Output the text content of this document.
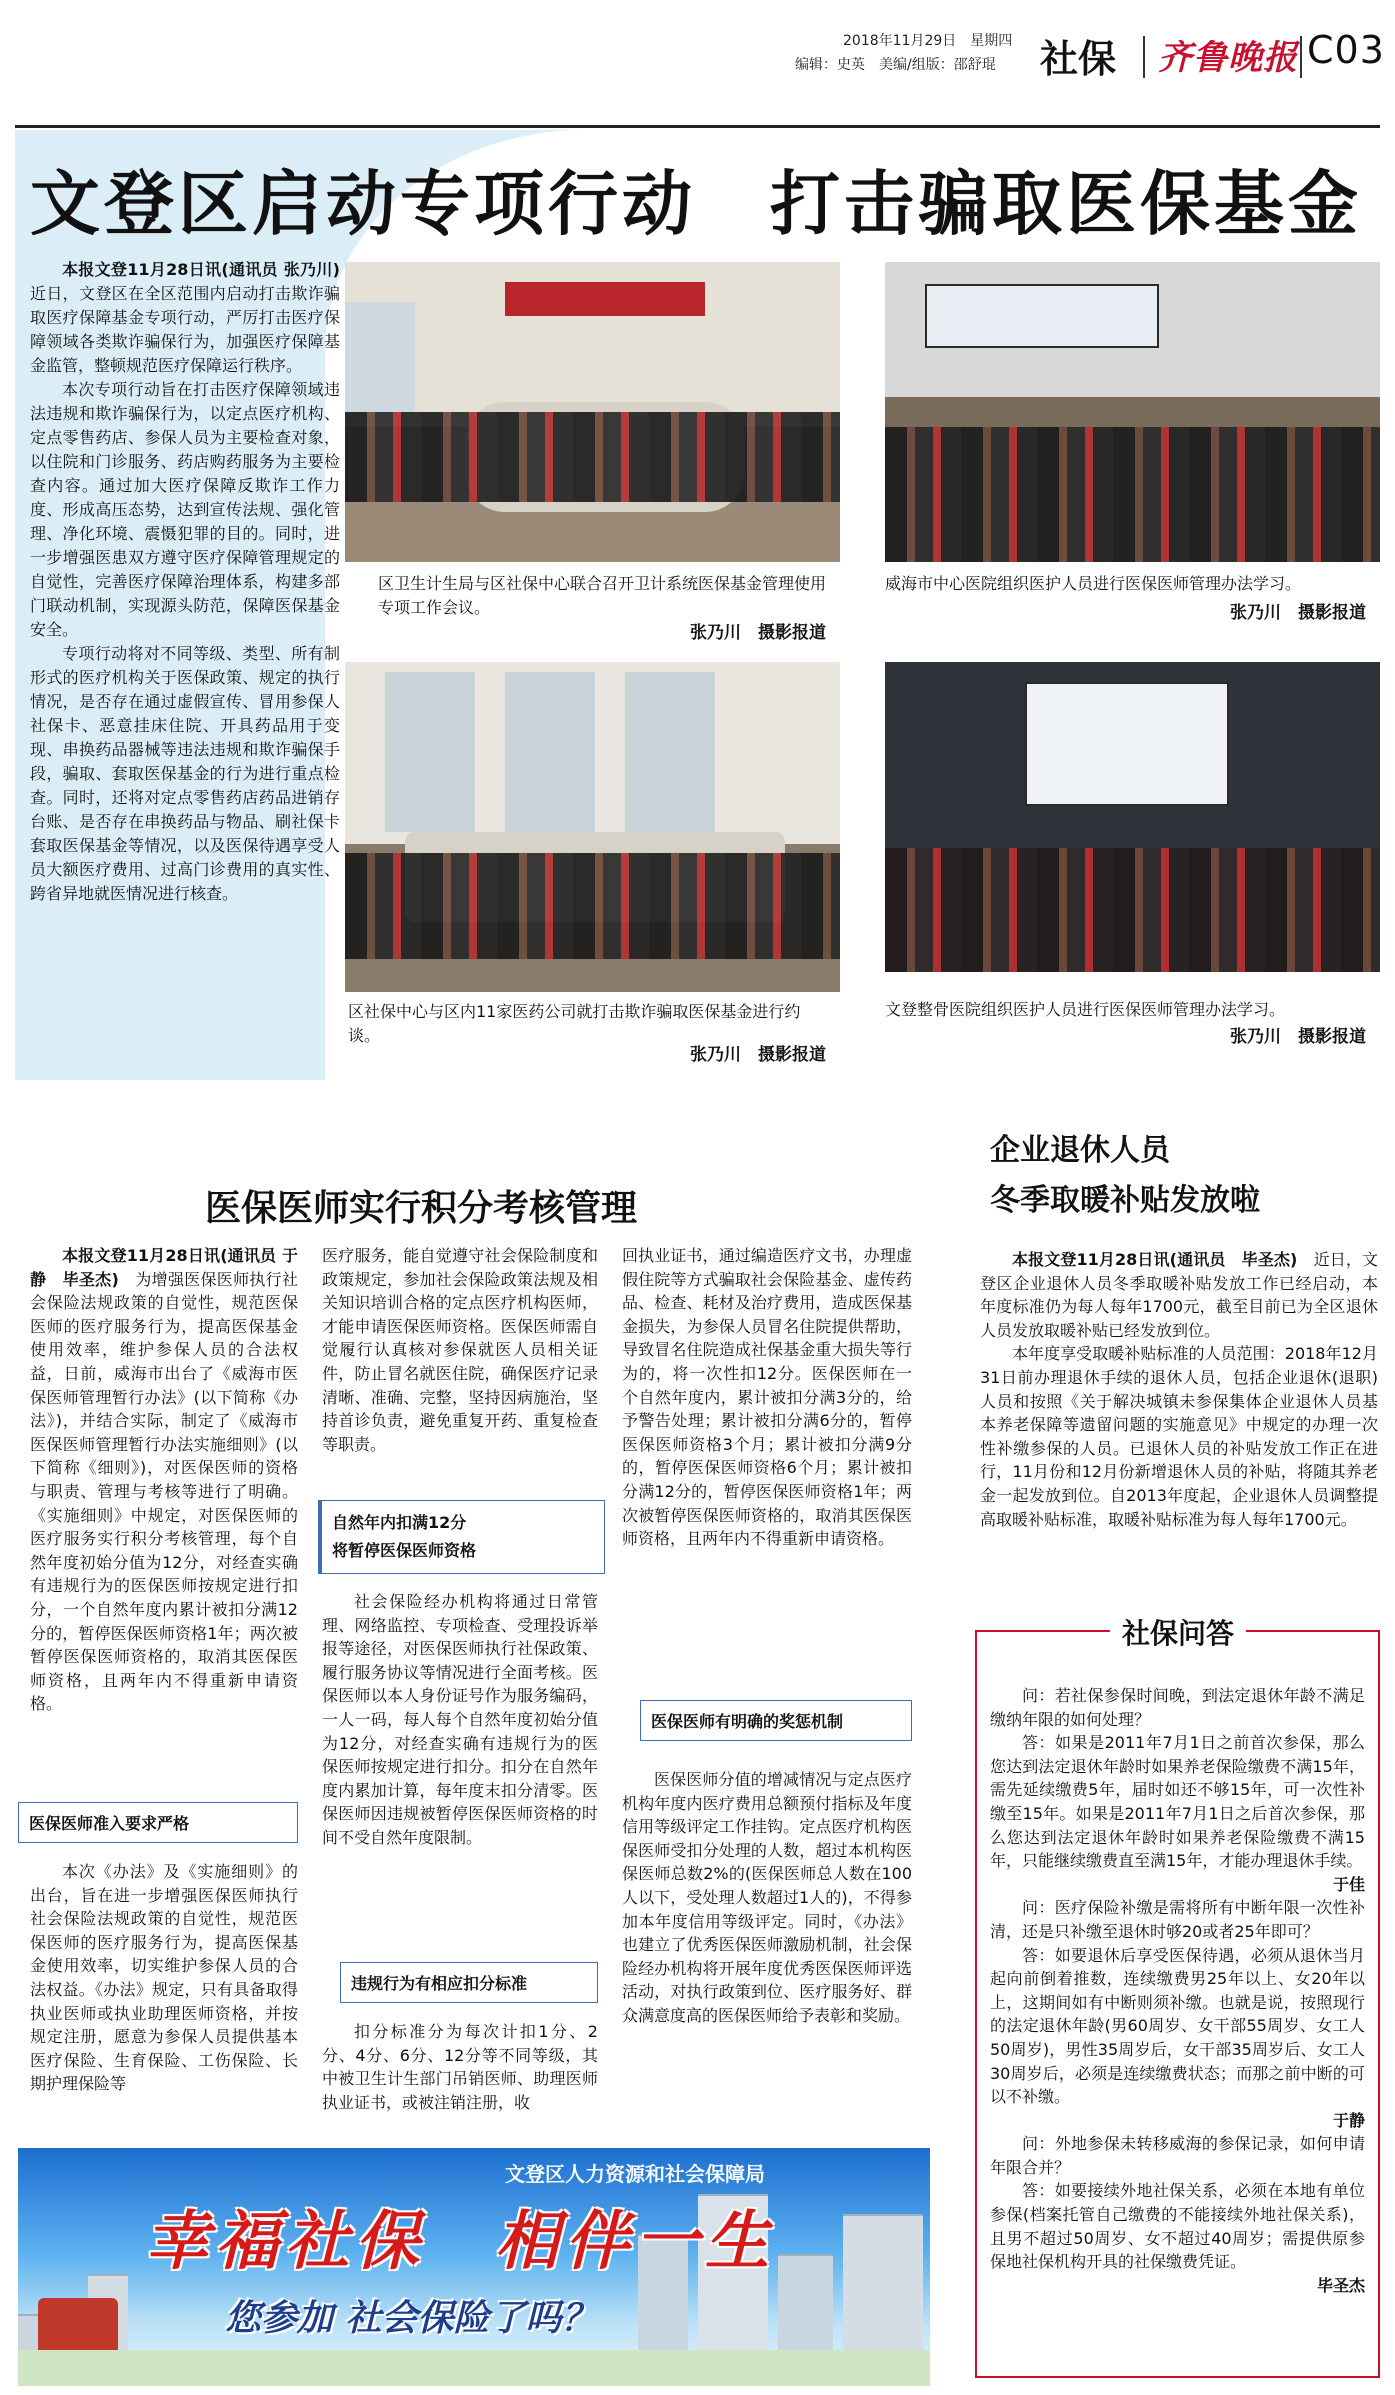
2018年11月29日　星期四
编辑：史英　美编/组版：邵舒琨 社保 齐鲁晚报 C03
文登区启动专项行动　打击骗取医保基金

本报文登11月28日讯(通讯员 张乃川)　近日，文登区在全区范围内启动打击欺诈骗取医疗保障基金专项行动，严厉打击医疗保障领域各类欺诈骗保行为，加强医疗保障基金监管，整顿规范医疗保障运行秩序。

本次专项行动旨在打击医疗保障领域违法违规和欺诈骗保行为，以定点医疗机构、定点零售药店、参保人员为主要检查对象，以住院和门诊服务、药店购药服务为主要检查内容。通过加大医疗保障反欺诈工作力度、形成高压态势，达到宣传法规、强化管理、净化环境、震慑犯罪的目的。同时，进一步增强医患双方遵守医疗保障管理规定的自觉性，完善医疗保障治理体系，构建多部门联动机制，实现源头防范，保障医保基金安全。

专项行动将对不同等级、类型、所有制形式的医疗机构关于医保政策、规定的执行情况，是否存在通过虚假宣传、冒用参保人社保卡、恶意挂床住院、开具药品用于变现、串换药品器械等违法违规和欺诈骗保手段，骗取、套取医保基金的行为进行重点检查。同时，还将对定点零售药店药品进销存台账、是否存在串换药品与物品、刷社保卡套取医保基金等情况，以及医保待遇享受人员大额医疗费用、过高门诊费用的真实性、跨省异地就医情况进行核查。

区卫生计生局与区社保中心联合召开卫计系统医保基金管理使用专项工作会议。
张乃川　摄影报道
威海市中心医院组织医护人员进行医保医师管理办法学习。
张乃川　摄影报道
区社保中心与区内11家医药公司就打击欺诈骗取医保基金进行约谈。
张乃川　摄影报道
文登整骨医院组织医护人员进行医保医师管理办法学习。
张乃川　摄影报道
医保医师实行积分考核管理

本报文登11月28日讯(通讯员 于静　毕圣杰)　 为增强医保医师执行社会保险法规政策的自觉性，规范医保医师的医疗服务行为，提高医保基金使用效率，维护参保人员的合法权益，日前，威海市出台了《威海市医保医师管理暂行办法》(以下简称《办法》)，并结合实际，制定了《威海市医保医师管理暂行办法实施细则》(以下简称《细则》)，对医保医师的资格与职责、管理与考核等进行了明确。《实施细则》中规定，对医保医师的医疗服务实行积分考核管理，每个自然年度初始分值为12分，对经查实确有违规行为的医保医师按规定进行扣分，一个自然年度内累计被扣分满12分的，暂停医保医师资格1年；两次被暂停医保医师资格的，取消其医保医师资格，且两年内不得重新申请资格。

医保医师准入要求严格

本次《办法》及《实施细则》的出台，旨在进一步增强医保医师执行社会保险法规政策的自觉性，规范医保医师的医疗服务行为，提高医保基金使用效率，切实维护参保人员的合法权益。《办法》规定，只有具备取得执业医师或执业助理医师资格，并按规定注册，愿意为参保人员提供基本医疗保险、生育保险、工伤保险、长期护理保险等

医疗服务，能自觉遵守社会保险制度和政策规定，参加社会保险政策法规及相关知识培训合格的定点医疗机构医师，才能申请医保医师资格。医保医师需自觉履行认真核对参保就医人员相关证件，防止冒名就医住院，确保医疗记录清晰、准确、完整，坚持因病施治，坚持首诊负责，避免重复开药、重复检查等职责。

自然年内扣满12分
将暂停医保医师资格

社会保险经办机构将通过日常管理、网络监控、专项检查、受理投诉举报等途径，对医保医师执行社保政策、履行服务协议等情况进行全面考核。医保医师以本人身份证号作为服务编码，一人一码，每人每个自然年度初始分值为12分，对经查实确有违规行为的医保医师按规定进行扣分。扣分在自然年度内累加计算，每年度末扣分清零。医保医师因违规被暂停医保医师资格的时间不受自然年度限制。

违规行为有相应扣分标准

扣分标准分为每次计扣1分、2分、4分、6分、12分等不同等级，其中被卫生计生部门吊销医师、助理医师执业证书，或被注销注册，收

回执业证书，通过编造医疗文书，办理虚假住院等方式骗取社会保险基金、虚传药品、检查、耗材及治疗费用，造成医保基金损失，为参保人员冒名住院提供帮助，导致冒名住院造成社保基金重大损失等行为的，将一次性扣12分。医保医师在一个自然年度内，累计被扣分满3分的，给予警告处理；累计被扣分满6分的，暂停医保医师资格3个月；累计被扣分满9分的，暂停医保医师资格6个月；累计被扣分满12分的，暂停医保医师资格1年；两次被暂停医保医师资格的，取消其医保医师资格，且两年内不得重新申请资格。

医保医师有明确的奖惩机制

医保医师分值的增减情况与定点医疗机构年度内医疗费用总额预付指标及年度信用等级评定工作挂钩。定点医疗机构医保医师受扣分处理的人数，超过本机构医保医师总数2%的(医保医师总人数在100人以下，受处理人数超过1人的)，不得参加本年度信用等级评定。同时，《办法》也建立了优秀医保医师激励机制，社会保险经办机构将开展年度优秀医保医师评选活动，对执行政策到位、医疗服务好、群众满意度高的医保医师给予表彰和奖励。

企业退休人员
冬季取暖补贴发放啦

本报文登11月28日讯(通讯员　毕圣杰)　 近日，文登区企业退休人员冬季取暖补贴发放工作已经启动，本年度标准仍为每人每年1700元，截至目前已为全区退休人员发放取暖补贴已经发放到位。

本年度享受取暖补贴标准的人员范围：2018年12月31日前办理退休手续的退休人员，包括企业退休(退职)人员和按照《关于解决城镇未参保集体企业退休人员基本养老保障等遗留问题的实施意见》中规定的办理一次性补缴参保的人员。已退休人员的补贴发放工作正在进行，11月份和12月份新增退休人员的补贴，将随其养老金一起发放到位。自2013年度起，企业退休人员调整提高取暖补贴标准，取暖补贴标准为每人每年1700元。

社保问答

问：若社保参保时间晚，到法定退休年龄不满足缴纳年限的如何处理？

答：如果是2011年7月1日之前首次参保，那么您达到法定退休年龄时如果养老保险缴费不满15年，需先延续缴费5年，届时如还不够15年，可一次性补缴至15年。如果是2011年7月1日之后首次参保，那么您达到法定退休年龄时如果养老保险缴费不满15年，只能继续缴费直至满15年，才能办理退休手续。

于佳

问：医疗保险补缴是需将所有中断年限一次性补清，还是只补缴至退休时够20或者25年即可？

答：如要退休后享受医保待遇，必须从退休当月起向前倒着推数，连续缴费男25年以上、女20年以上，这期间如有中断则须补缴。也就是说，按照现行的法定退休年龄(男60周岁、女干部55周岁、女工人50周岁)，男性35周岁后，女干部35周岁后、女工人30周岁后，必须是连续缴费状态；而那之前中断的可以不补缴。

于静

问：外地参保未转移威海的参保记录，如何申请年限合并？

答：如要接续外地社保关系，必须在本地有单位参保(档案托管自己缴费的不能接续外地社保关系)，且男不超过50周岁、女不超过40周岁；需提供原参保地社保机构开具的社保缴费凭证。

毕圣杰

文登区人力资源和社会保障局
幸福社保　相伴一生
您参加 社会保险了吗？
